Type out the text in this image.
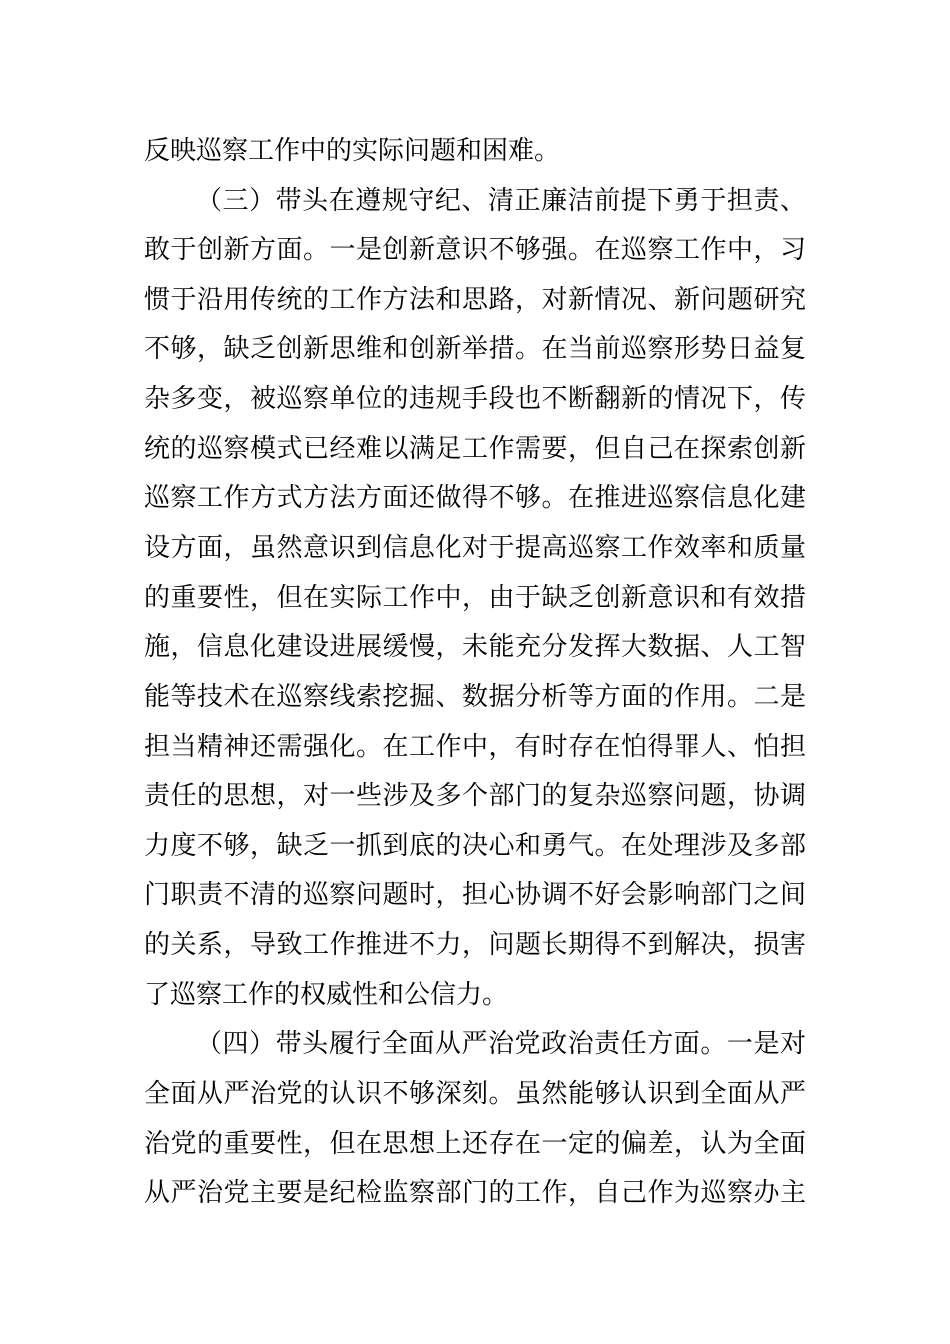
反映巡察工作中的实际问题和困难。
（三）带头在遵规守纪、清正廉洁前提下勇于担责、
敢于创新方面。一是创新意识不够强。在巡察工作中，习
惯于沿用传统的工作方法和思路，对新情况、新问题研究
不够，缺乏创新思维和创新举措。在当前巡察形势日益复
杂多变，被巡察单位的违规手段也不断翻新的情况下，传
统的巡察模式已经难以满足工作需要，但自己在探索创新
巡察工作方式方法方面还做得不够。在推进巡察信息化建
设方面，虽然意识到信息化对于提高巡察工作效率和质量
的重要性，但在实际工作中，由于缺乏创新意识和有效措
施，信息化建设进展缓慢，未能充分发挥大数据、人工智
能等技术在巡察线索挖掘、数据分析等方面的作用。二是
担当精神还需强化。在工作中，有时存在怕得罪人、怕担
责任的思想，对一些涉及多个部门的复杂巡察问题，协调
力度不够，缺乏一抓到底的决心和勇气。在处理涉及多部
门职责不清的巡察问题时，担心协调不好会影响部门之间
的关系，导致工作推进不力，问题长期得不到解决，损害
了巡察工作的权威性和公信力。
（四）带头履行全面从严治党政治责任方面。一是对
全面从严治党的认识不够深刻。虽然能够认识到全面从严
治党的重要性，但在思想上还存在一定的偏差，认为全面
从严治党主要是纪检监察部门的工作，自己作为巡察办主
